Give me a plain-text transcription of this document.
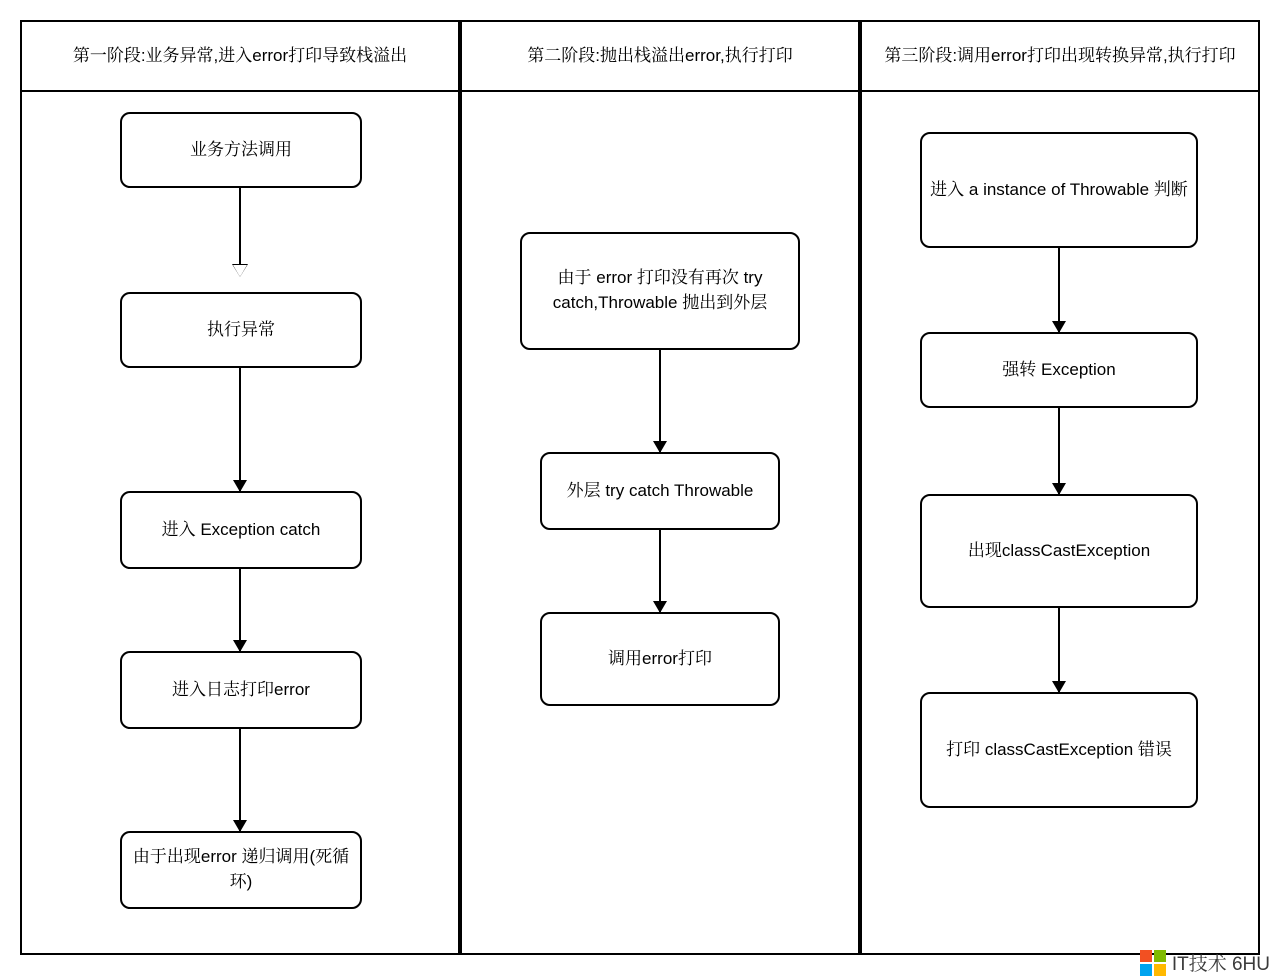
第一阶段:业务异常,进入error打印导致栈溢出
业务方法调用
执行异常
进入 Exception catch
进入日志打印error
由于出现error 递归调用(死循环)
第二阶段:抛出栈溢出error,执行打印
由于 error 打印没有再次 try catch,Throwable 抛出到外层
外层 try catch Throwable
调用error打印
第三阶段:调用error打印出现转换异常,执行打印
进入 a instance of Throwable 判断
强转 Exception
出现classCastException
打印 classCastException 错误
IT技术 6HU
